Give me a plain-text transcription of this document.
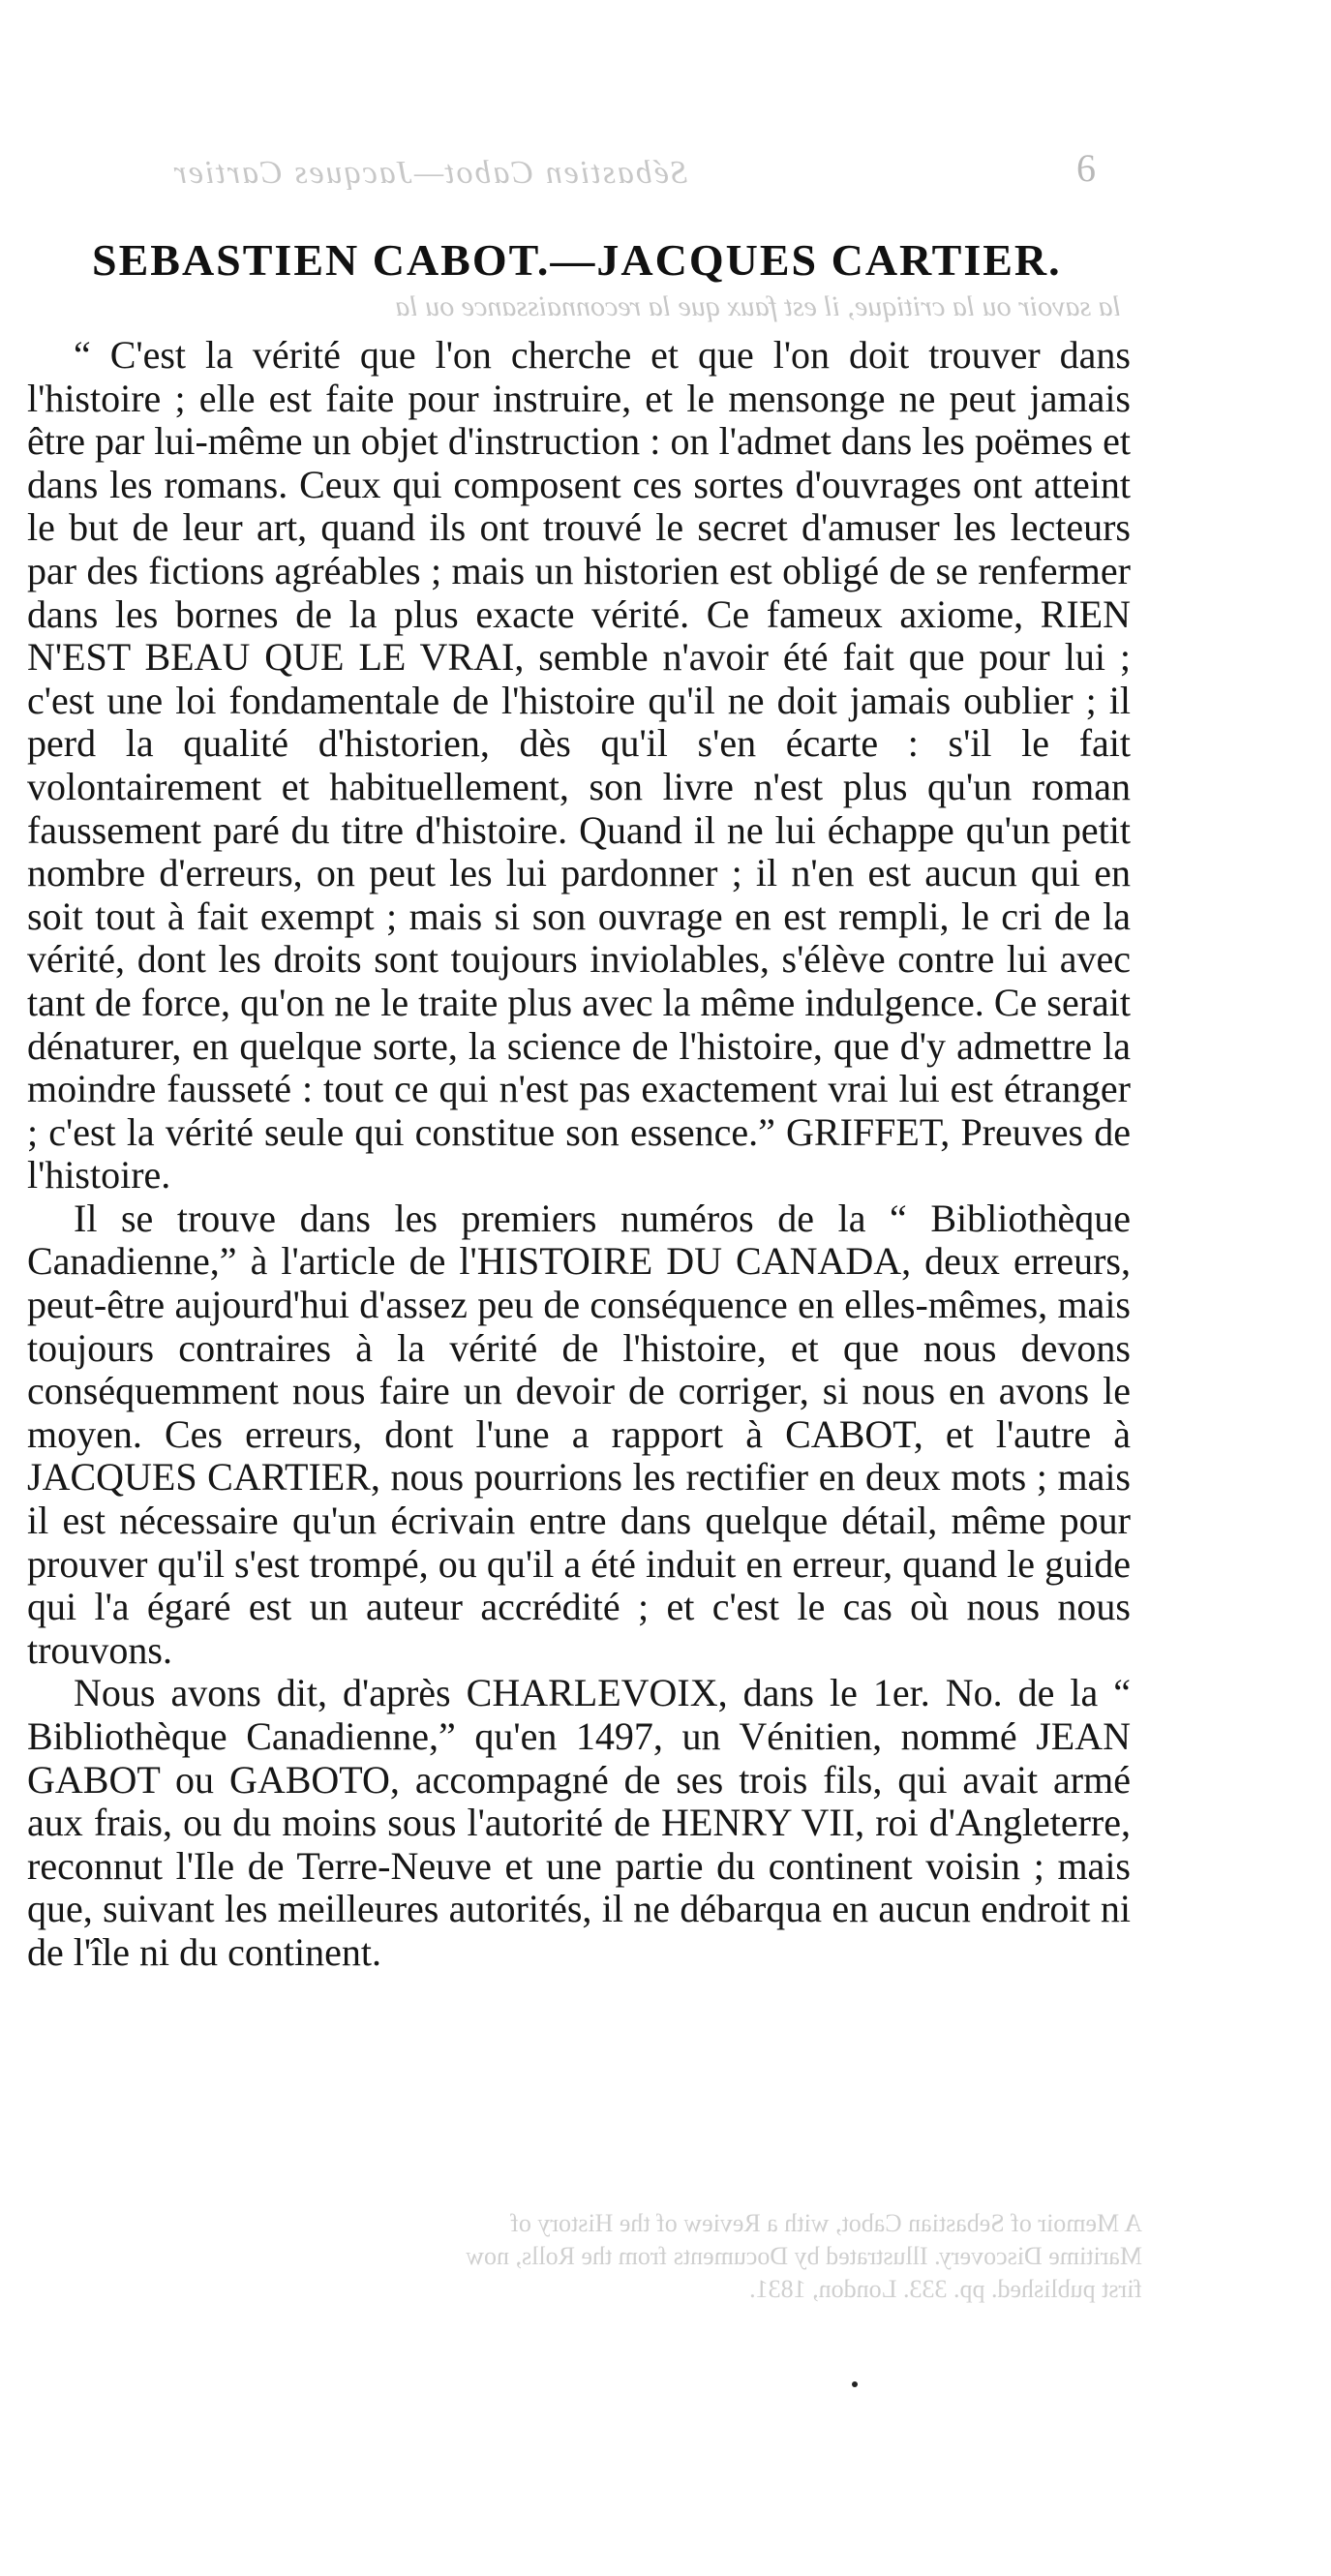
6
Sébastien Cabot—Jacques Cartier
SEBASTIEN CABOT.—JACQUES CARTIER.
la savoir ou la critique, il est faux que la reconnaissance ou la

“ C'est la vérité que l'on cherche et que l'on doit trouver dans l'histoire ; elle est faite pour instruire, et le mensonge ne peut jamais être par lui-même un objet d'instruction : on l'admet dans les poëmes et dans les romans. Ceux qui composent ces sortes d'ouvrages ont atteint le but de leur art, quand ils ont trouvé le secret d'amuser les lecteurs par des fictions agréables ; mais un historien est obligé de se renfermer dans les bornes de la plus exacte vérité. Ce fameux axiome, RIEN N'EST BEAU QUE LE VRAI, semble n'avoir été fait que pour lui ; c'est une loi fondamentale de l'histoire qu'il ne doit jamais oublier ; il perd la qualité d'historien, dès qu'il s'en écarte : s'il le fait volontairement et habituellement, son livre n'est plus qu'un roman faussement paré du titre d'histoire. Quand il ne lui échappe qu'un petit nombre d'erreurs, on peut les lui pardonner ; il n'en est aucun qui en soit tout à fait exempt ; mais si son ouvrage en est rempli, le cri de la vérité, dont les droits sont toujours inviolables, s'élève contre lui avec tant de force, qu'on ne le traite plus avec la même indulgence. Ce serait dénaturer, en quelque sorte, la science de l'histoire, que d'y admettre la moindre fausseté : tout ce qui n'est pas exactement vrai lui est étranger ; c'est la vérité seule qui constitue son essence.” GRIFFET, Preuves de l'histoire.

Il se trouve dans les premiers numéros de la “ Bibliothèque Canadienne,” à l'article de l'HISTOIRE DU CANADA, deux erreurs, peut-être aujourd'hui d'assez peu de conséquence en elles-mêmes, mais toujours contraires à la vérité de l'histoire, et que nous devons conséquemment nous faire un devoir de corriger, si nous en avons le moyen. Ces erreurs, dont l'une a rapport à CABOT, et l'autre à JACQUES CARTIER, nous pourrions les rectifier en deux mots ; mais il est nécessaire qu'un écrivain entre dans quelque détail, même pour prouver qu'il s'est trompé, ou qu'il a été induit en erreur, quand le guide qui l'a égaré est un auteur accrédité ; et c'est le cas où nous nous trouvons.

Nous avons dit, d'après CHARLEVOIX, dans le 1er. No. de la “ Bibliothèque Canadienne,” qu'en 1497, un Vénitien, nommé JEAN GABOT ou GABOTO, accompagné de ses trois fils, qui avait armé aux frais, ou du moins sous l'autorité de HENRY VII, roi d'Angleterre, reconnut l'Ile de Terre-Neuve et une partie du continent voisin ; mais que, suivant les meilleures autorités, il ne débarqua en aucun endroit ni de l'île ni du continent.

A Memoir of Sebastian Cabot, with a Review of the History of Maritime Discovery. Illustrated by Documents from the Rolls, now first published. pp. 333. London, 1831.
